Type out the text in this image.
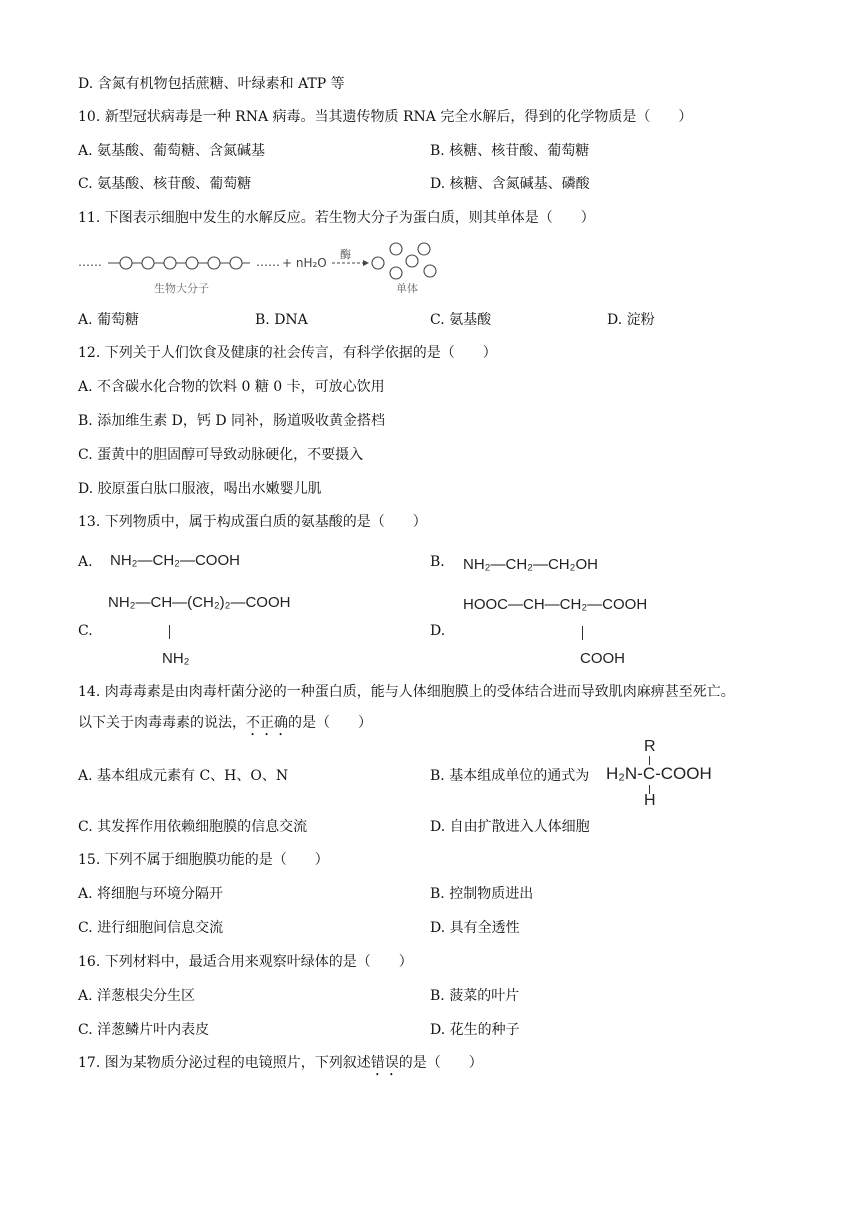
D. 含氮有机物包括蔗糖、叶绿素和 ATP 等
10. 新型冠状病毒是一种 RNA 病毒。当其遗传物质 RNA 完全水解后，得到的化学物质是（　　）
A. 氨基酸、葡萄糖、含氮碱基	B. 核糖、核苷酸、葡萄糖
C. 氨基酸、核苷酸、葡萄糖	D. 核糖、含氮碱基、磷酸
11. 下图表示细胞中发生的水解反应。若生物大分子为蛋白质，则其单体是（　　）
……	…… + nH₂O
酶
生物大分子	单体
A. 葡萄糖	B. DNA	C. 氨基酸	D. 淀粉
12. 下列关于人们饮食及健康的社会传言，有科学依据的是（　　）
A. 不含碳水化合物的饮料 0 糖 0 卡，可放心饮用
B. 添加维生素 D，钙 D 同补，肠道吸收黄金搭档
C. 蛋黄中的胆固醇可导致动脉硬化，不要摄入
D. 胶原蛋白肽口服液，喝出水嫩婴儿肌
13. 下列物质中，属于构成蛋白质的氨基酸的是（　　）
A. NH₂—CH₂—COOH	B. NH₂—CH₂—CH₂OH
C.
NH₂—CH—(CH₂)₂—COOH
NH₂
D.
HOOC—CH—CH₂—COOH
COOH
14. 肉毒毒素是由肉毒杆菌分泌的一种蛋白质，能与人体细胞膜上的受体结合进而导致肌肉麻痹甚至死亡。
以下关于肉毒毒素的说法，不正确的是（　　）
A. 基本组成元素有 C、H、O、N	B. 基本组成单位的通式为
R
H₂N-C-COOH
H
C. 其发挥作用依赖细胞膜的信息交流	D. 自由扩散进入人体细胞
15. 下列不属于细胞膜功能的是（　　）
A. 将细胞与环境分隔开	B. 控制物质进出
C. 进行细胞间信息交流	D. 具有全透性
16. 下列材料中，最适合用来观察叶绿体的是（　　）
A. 洋葱根尖分生区	B. 菠菜的叶片
C. 洋葱鳞片叶内表皮	D. 花生的种子
17. 图为某物质分泌过程的电镜照片，下列叙述错误的是（　　）
